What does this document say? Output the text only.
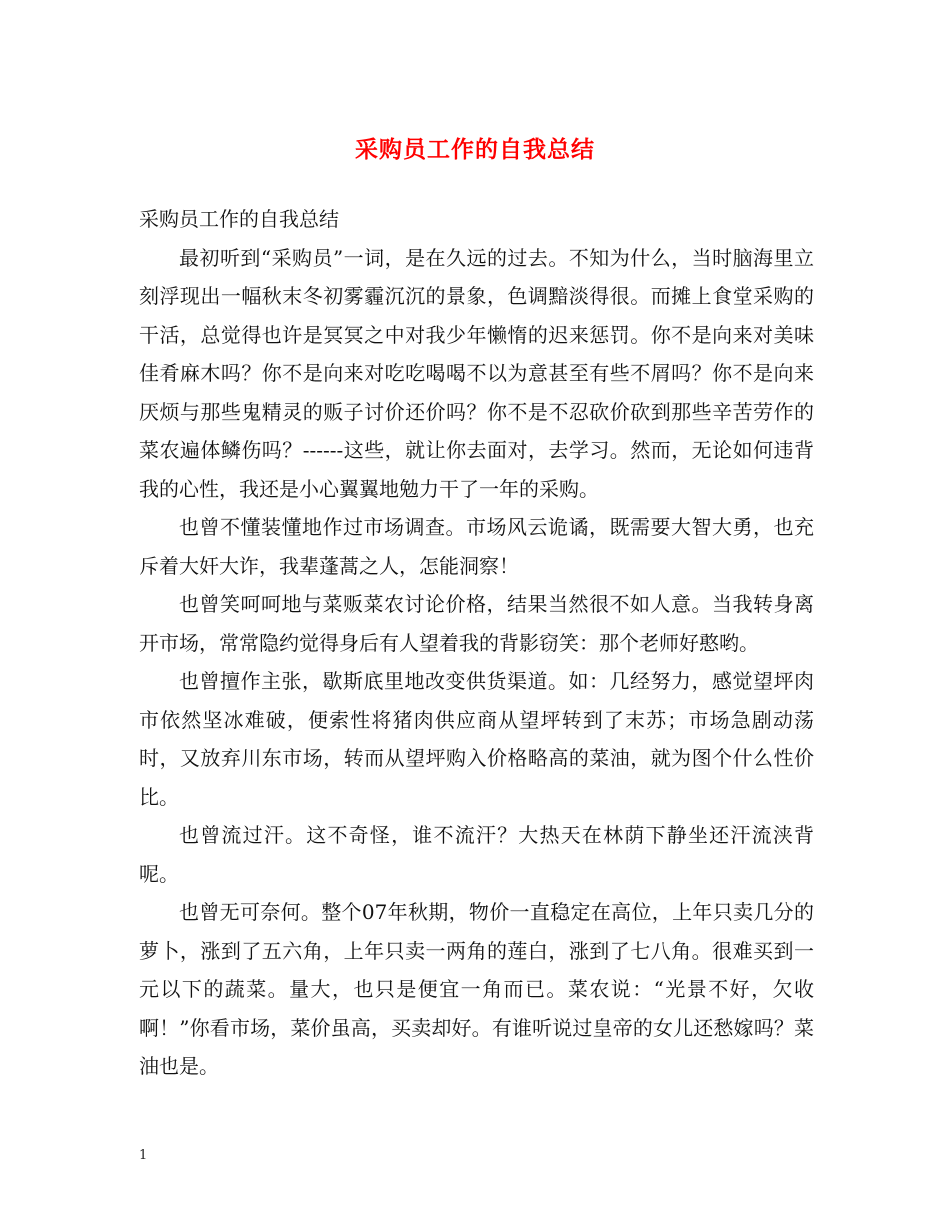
采购员工作的自我总结

采购员工作的自我总结

最初听到“采购员”一词，是在久远的过去。不知为什么，当时脑海里立刻浮现出一幅秋末冬初雾霾沉沉的景象，色调黯淡得很。而摊上食堂采购的干活，总觉得也许是冥冥之中对我少年懒惰的迟来惩罚。你不是向来对美味佳肴麻木吗？你不是向来对吃吃喝喝不以为意甚至有些不屑吗？你不是向来厌烦与那些鬼精灵的贩子讨价还价吗？你不是不忍砍价砍到那些辛苦劳作的菜农遍体鳞伤吗？------这些，就让你去面对，去学习。然而，无论如何违背我的心性，我还是小心翼翼地勉力干了一年的采购。

也曾不懂装懂地作过市场调查。市场风云诡谲，既需要大智大勇，也充斥着大奸大诈，我辈蓬蒿之人，怎能洞察！

也曾笑呵呵地与菜贩菜农讨论价格，结果当然很不如人意。当我转身离开市场，常常隐约觉得身后有人望着我的背影窃笑：那个老师好憨哟。

也曾擅作主张，歇斯底里地改变供货渠道。如：几经努力，感觉望坪肉市依然坚冰难破，便索性将猪肉供应商从望坪转到了末苏；市场急剧动荡时，又放弃川东市场，转而从望坪购入价格略高的菜油，就为图个什么性价比。

也曾流过汗。这不奇怪，谁不流汗？大热天在林荫下静坐还汗流浃背呢。

也曾无可奈何。整个07年秋期，物价一直稳定在高位，上年只卖几分的萝卜，涨到了五六角，上年只卖一两角的莲白，涨到了七八角。很难买到一元以下的蔬菜。量大，也只是便宜一角而已。菜农说：“光景不好，欠收啊！”你看市场，菜价虽高，买卖却好。有谁听说过皇帝的女儿还愁嫁吗？菜油也是。

1
